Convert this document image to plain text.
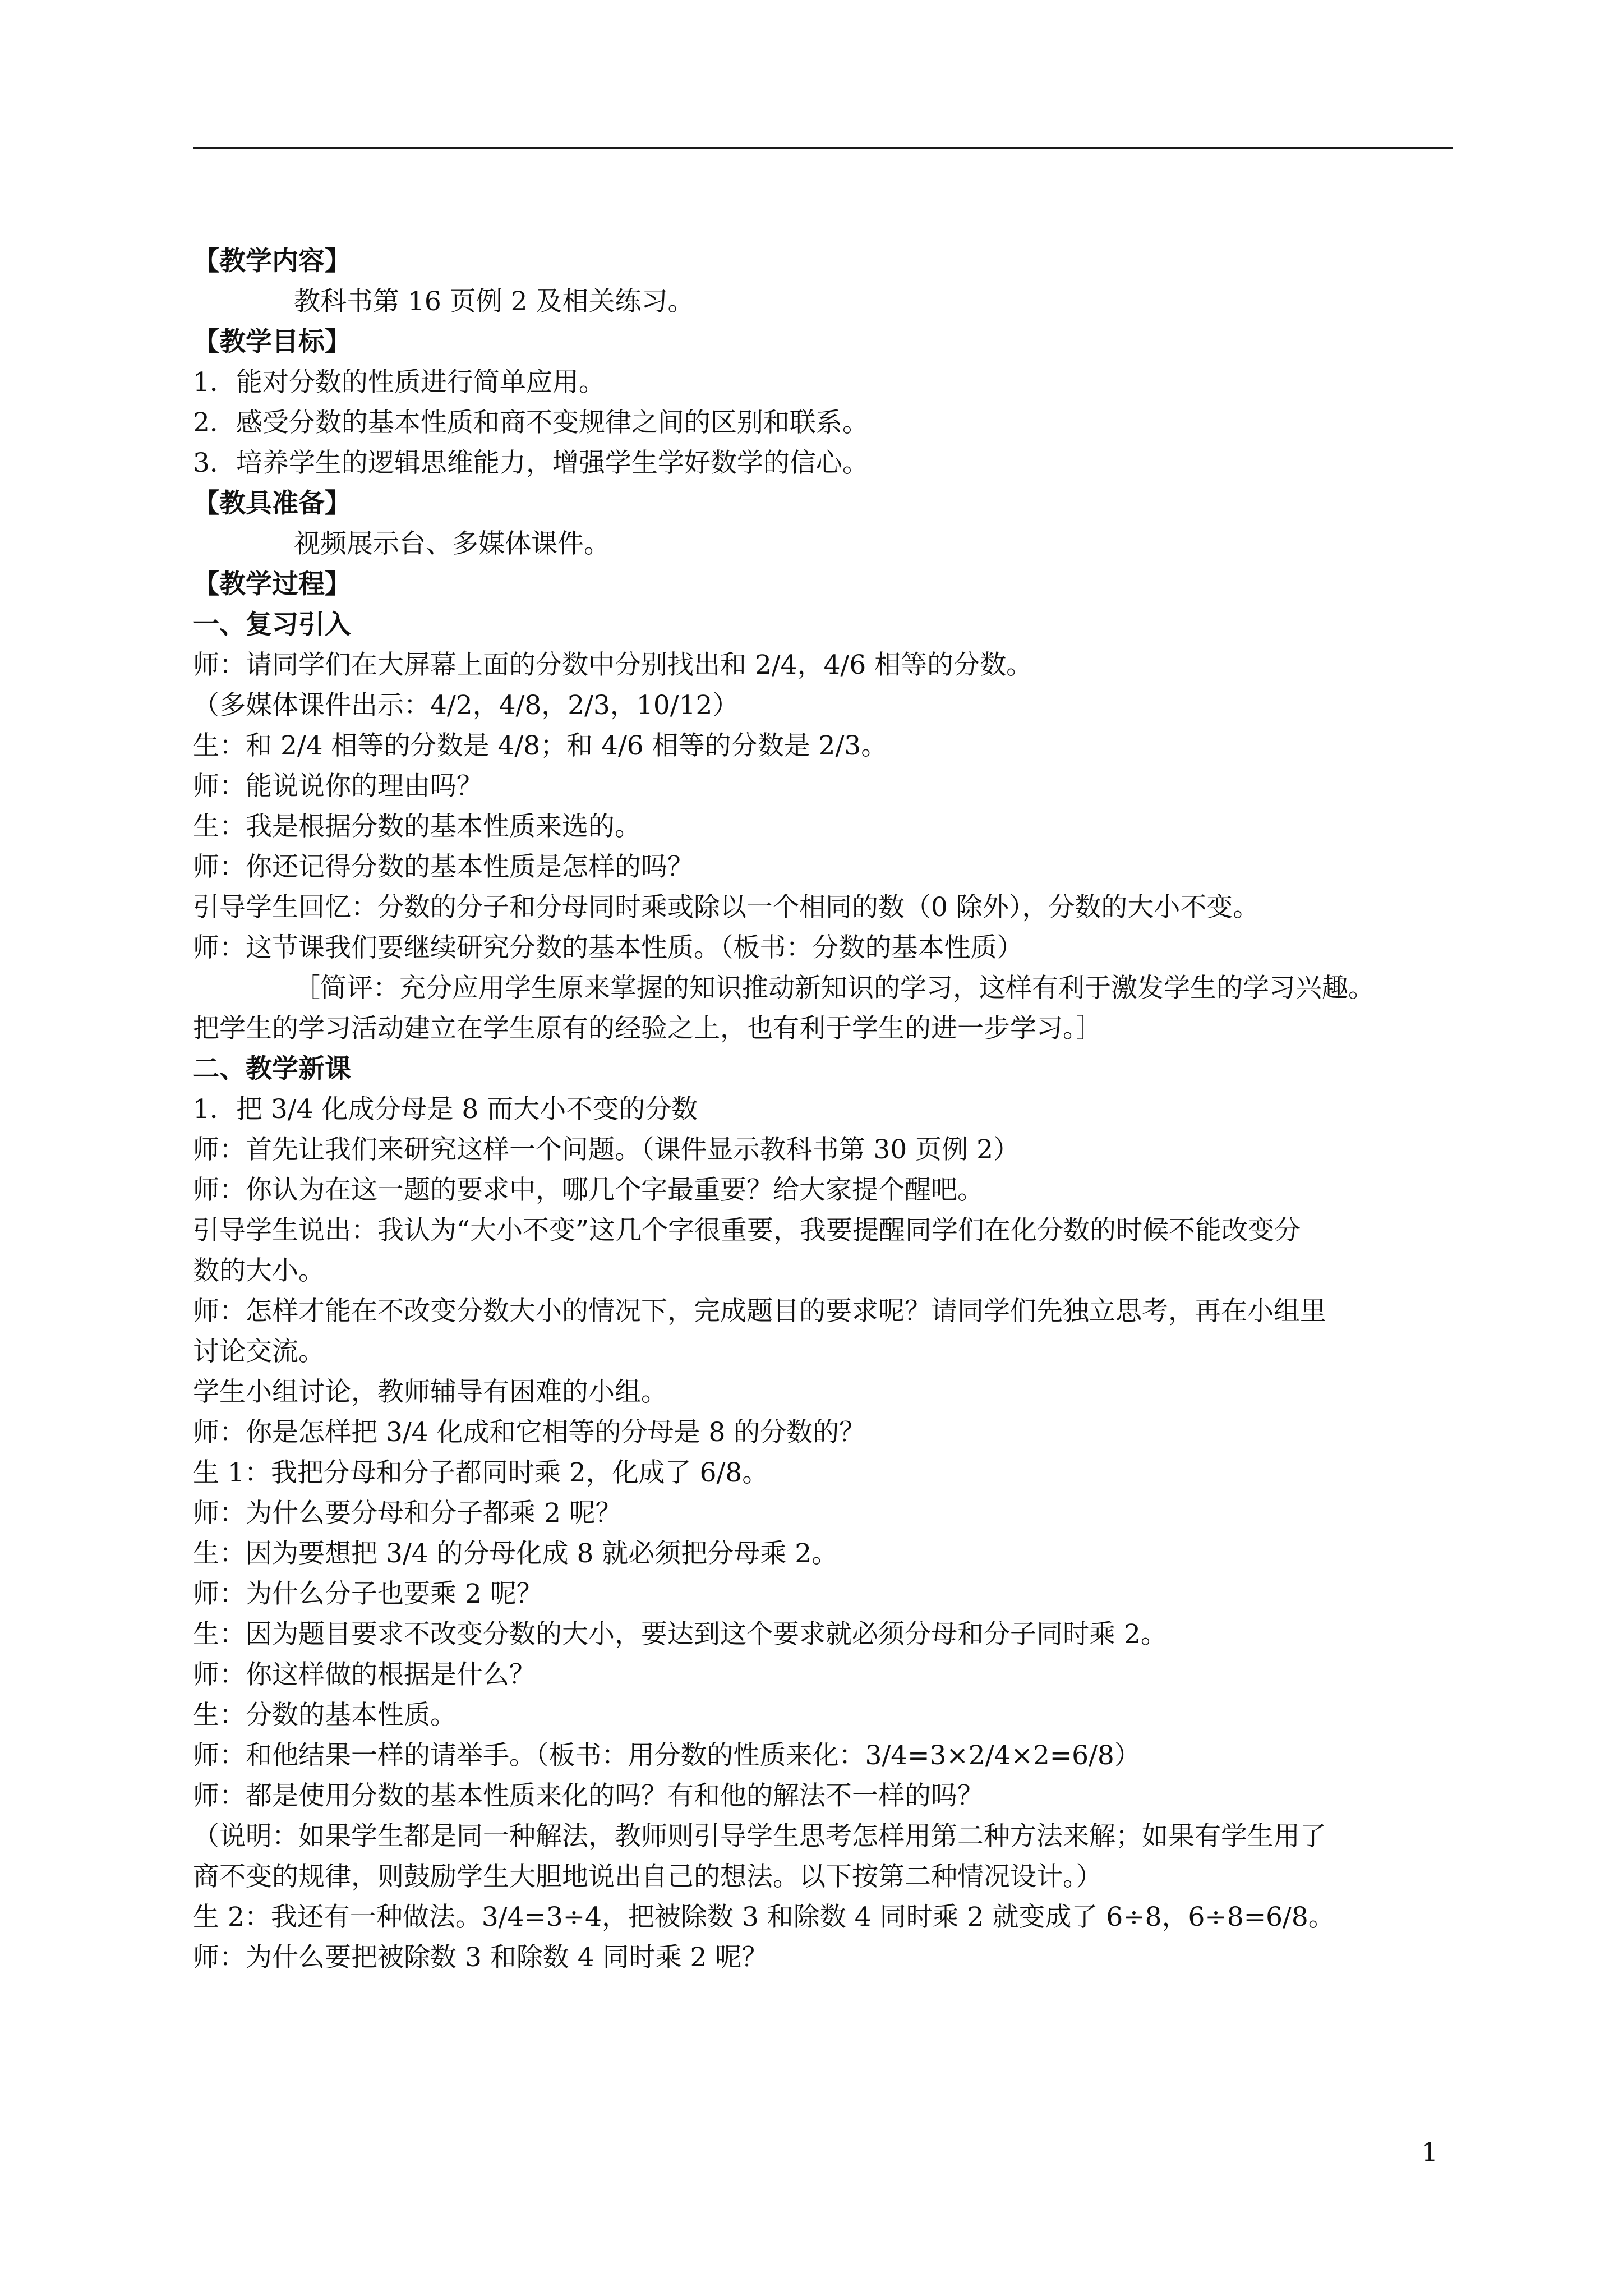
【教学内容】
教科书第 16 页例 2 及相关练习。
【教学目标】
1．能对分数的性质进行简单应用。
2．感受分数的基本性质和商不变规律之间的区别和联系。
3．培养学生的逻辑思维能力，增强学生学好数学的信心。
【教具准备】
视频展示台、多媒体课件。
【教学过程】
一、复习引入
师：请同学们在大屏幕上面的分数中分别找出和 2/4，4/6 相等的分数。
（多媒体课件出示：4/2，4/8，2/3，10/12）
生：和 2/4 相等的分数是 4/8；和 4/6 相等的分数是 2/3。
师：能说说你的理由吗？
生：我是根据分数的基本性质来选的。
师：你还记得分数的基本性质是怎样的吗？
引导学生回忆：分数的分子和分母同时乘或除以一个相同的数（0 除外），分数的大小不变。
师：这节课我们要继续研究分数的基本性质。（板书：分数的基本性质）
［简评：充分应用学生原来掌握的知识推动新知识的学习，这样有利于激发学生的学习兴趣。
把学生的学习活动建立在学生原有的经验之上，也有利于学生的进一步学习。］
二、教学新课
1．把 3/4 化成分母是 8 而大小不变的分数
师：首先让我们来研究这样一个问题。（课件显示教科书第 30 页例 2）
师：你认为在这一题的要求中，哪几个字最重要？给大家提个醒吧。
引导学生说出：我认为“大小不变”这几个字很重要，我要提醒同学们在化分数的时候不能改变分
数的大小。
师：怎样才能在不改变分数大小的情况下，完成题目的要求呢？请同学们先独立思考，再在小组里
讨论交流。
学生小组讨论，教师辅导有困难的小组。
师：你是怎样把 3/4 化成和它相等的分母是 8 的分数的？
生 1：我把分母和分子都同时乘 2，化成了 6/8。
师：为什么要分母和分子都乘 2 呢？
生：因为要想把 3/4 的分母化成 8 就必须把分母乘 2。
师：为什么分子也要乘 2 呢？
生：因为题目要求不改变分数的大小，要达到这个要求就必须分母和分子同时乘 2。
师：你这样做的根据是什么？
生：分数的基本性质。
师：和他结果一样的请举手。（板书：用分数的性质来化：3/4=3×2/4×2=6/8）
师：都是使用分数的基本性质来化的吗？有和他的解法不一样的吗？
（说明：如果学生都是同一种解法，教师则引导学生思考怎样用第二种方法来解；如果有学生用了
商不变的规律，则鼓励学生大胆地说出自己的想法。以下按第二种情况设计。）
生 2：我还有一种做法。3/4=3÷4，把被除数 3 和除数 4 同时乘 2 就变成了 6÷8，6÷8=6/8。
师：为什么要把被除数 3 和除数 4 同时乘 2 呢？
1
